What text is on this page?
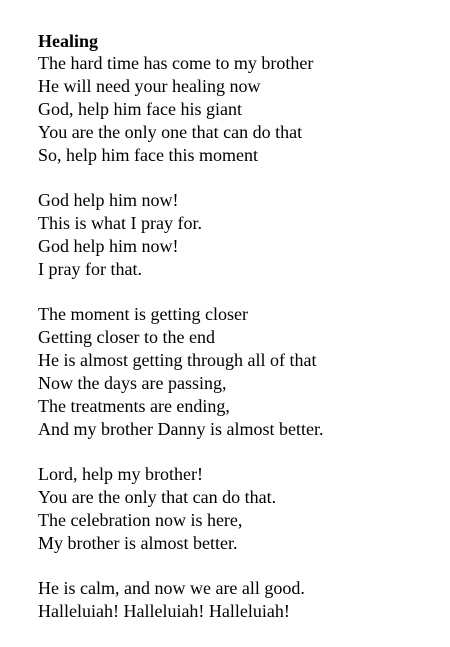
Healing
The hard time has come to my brother
He will need your healing now
God, help him face his giant
You are the only one that can do that
So, help him face this moment
God help him now!
This is what I pray for.
God help him now!
I pray for that.
The moment is getting closer
Getting closer to the end
He is almost getting through all of that
Now the days are passing,
The treatments are ending,
And my brother Danny is almost better.
Lord, help my brother!
You are the only that can do that.
The celebration now is here,
My brother is almost better.
He is calm, and now we are all good.
Halleluiah! Halleluiah! Halleluiah!
